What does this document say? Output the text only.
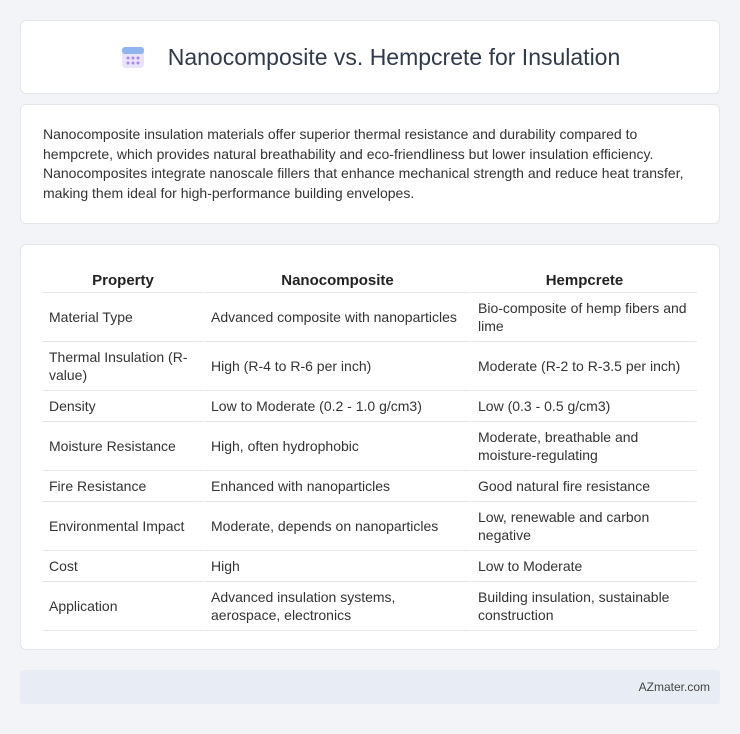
Nanocomposite vs. Hempcrete for Insulation

Nanocomposite insulation materials offer superior thermal resistance and durability compared to hempcrete, which provides natural breathability and eco-friendliness but lower insulation efficiency. Nanocomposites integrate nanoscale fillers that enhance mechanical strength and reduce heat transfer, making them ideal for high-performance building envelopes.

Property	Nanocomposite	Hempcrete
Material Type	Advanced composite with nanoparticles	Bio-composite of hemp fibers and lime
Thermal Insulation (R-value)	High (R-4 to R-6 per inch)	Moderate (R-2 to R-3.5 per inch)
Density	Low to Moderate (0.2 - 1.0 g/cm3)	Low (0.3 - 0.5 g/cm3)
Moisture Resistance	High, often hydrophobic	Moderate, breathable and moisture-regulating
Fire Resistance	Enhanced with nanoparticles	Good natural fire resistance
Environmental Impact	Moderate, depends on nanoparticles	Low, renewable and carbon negative
Cost	High	Low to Moderate
Application	Advanced insulation systems, aerospace, electronics	Building insulation, sustainable construction
AZmater.com
